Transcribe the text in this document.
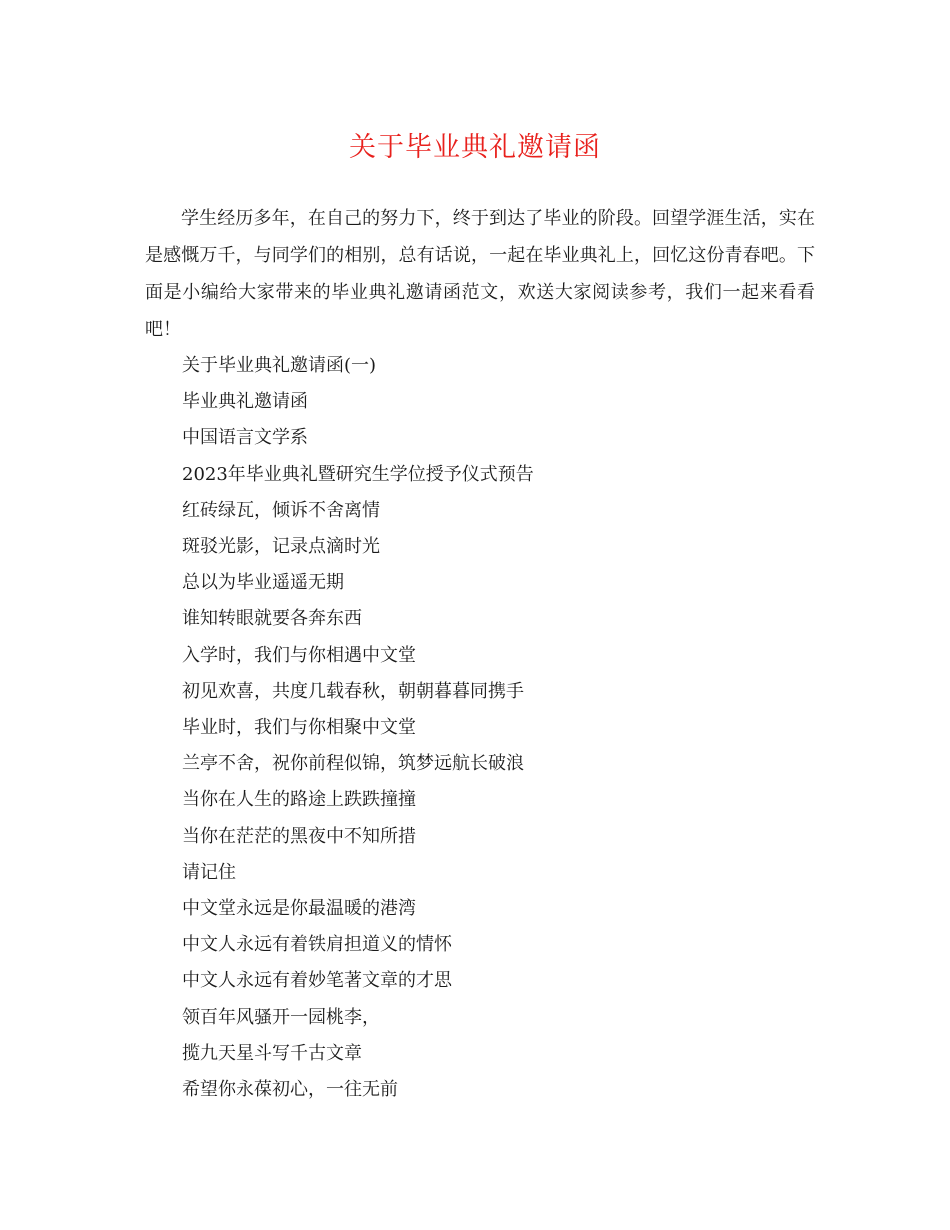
关于毕业典礼邀请函

学生经历多年，在自己的努力下，终于到达了毕业的阶段。回望学涯生活，实在是感慨万千，与同学们的相别，总有话说，一起在毕业典礼上，回忆这份青春吧。下面是小编给大家带来的毕业典礼邀请函范文，欢送大家阅读参考，我们一起来看看吧！

关于毕业典礼邀请函(一)
毕业典礼邀请函
中国语言文学系
2023年毕业典礼暨研究生学位授予仪式预告
红砖绿瓦，倾诉不舍离情
斑驳光影，记录点滴时光
总以为毕业遥遥无期
谁知转眼就要各奔东西
入学时，我们与你相遇中文堂
初见欢喜，共度几载春秋，朝朝暮暮同携手
毕业时，我们与你相聚中文堂
兰亭不舍，祝你前程似锦，筑梦远航长破浪
当你在人生的路途上跌跌撞撞
当你在茫茫的黑夜中不知所措
请记住
中文堂永远是你最温暖的港湾
中文人永远有着铁肩担道义的情怀
中文人永远有着妙笔著文章的才思
领百年风骚开一园桃李，
揽九天星斗写千古文章
希望你永葆初心，一往无前
